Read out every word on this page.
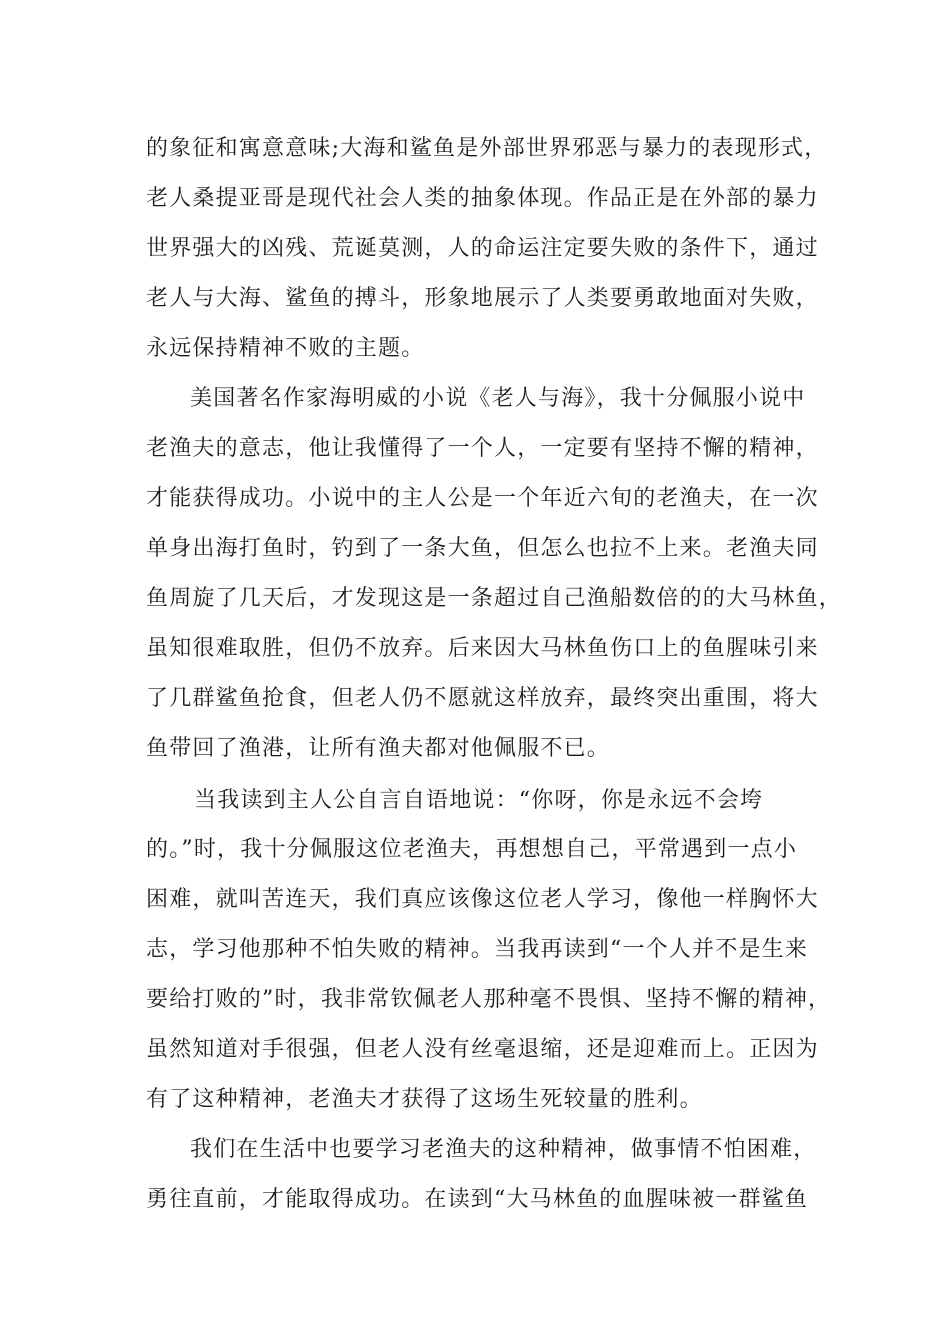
的象征和寓意意味;大海和鲨鱼是外部世界邪恶与暴力的表现形式，
老人桑提亚哥是现代社会人类的抽象体现。作品正是在外部的暴力
世界强大的凶残、荒诞莫测，人的命运注定要失败的条件下，通过
老人与大海、鲨鱼的搏斗，形象地展示了人类要勇敢地面对失败，
永远保持精神不败的主题。
美国著名作家海明威的小说《老人与海》，我十分佩服小说中
老渔夫的意志，他让我懂得了一个人，一定要有坚持不懈的精神，
才能获得成功。小说中的主人公是一个年近六旬的老渔夫，在一次
单身出海打鱼时，钓到了一条大鱼，但怎么也拉不上来。老渔夫同
鱼周旋了几天后，才发现这是一条超过自己渔船数倍的的大马林鱼，
虽知很难取胜，但仍不放弃。后来因大马林鱼伤口上的鱼腥味引来
了几群鲨鱼抢食，但老人仍不愿就这样放弃，最终突出重围，将大
鱼带回了渔港，让所有渔夫都对他佩服不已。
当我读到主人公自言自语地说：“你呀，你是永远不会垮
的。”时，我十分佩服这位老渔夫，再想想自己，平常遇到一点小
困难，就叫苦连天，我们真应该像这位老人学习，像他一样胸怀大
志，学习他那种不怕失败的精神。当我再读到“一个人并不是生来
要给打败的”时，我非常钦佩老人那种毫不畏惧、坚持不懈的精神，
虽然知道对手很强，但老人没有丝毫退缩，还是迎难而上。正因为
有了这种精神，老渔夫才获得了这场生死较量的胜利。
我们在生活中也要学习老渔夫的这种精神，做事情不怕困难，
勇往直前，才能取得成功。在读到“大马林鱼的血腥味被一群鲨鱼
